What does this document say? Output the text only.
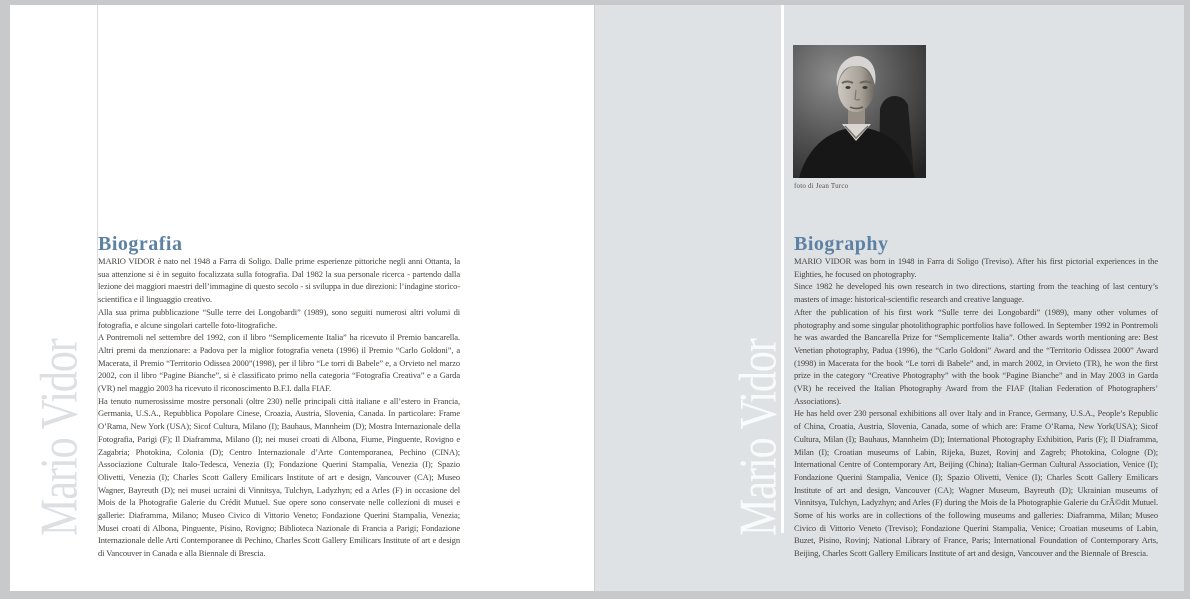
Mario Vidor
Biografia

MARIO VIDOR è nato nel 1948 a Farra di Soligo. Dalle prime esperienze pittoriche negli anni Ottanta, la sua attenzione si è in seguito focalizzata sulla fotografia. Dal 1982 la sua personale ricerca - partendo dalla lezione dei maggiori maestri dell’immagine di questo secolo - si sviluppa in due direzioni: l’indagine storico-scientifica e il linguaggio creativo.

Alla sua prima pubblicazione “Sulle terre dei Longobardi” (1989), sono seguiti numerosi altri volumi di fotografia, e alcune singolari cartelle foto-litografiche.

A Pontremoli nel settembre del 1992, con il libro “Semplicemente Italia” ha ricevuto il Premio bancarella. Altri premi da menzionare: a Padova per la miglior fotografia veneta (1996) il Premio “Carlo Goldoni”, a Macerata, il Premio “Territorio Odissea 2000”(1998), per il libro “Le torri di Babele” e, a Orvieto nel marzo 2002, con il libro “Pagine Bianche”, si è classificato primo nella categoria “Fotografia Creativa” e a Garda (VR) nel maggio 2003 ha ricevuto il riconoscimento B.F.I. dalla FIAF.

Ha tenuto numerosissime mostre personali (oltre 230) nelle principali città italiane e all’estero in Francia, Germania, U.S.A., Repubblica Popolare Cinese, Croazia, Austria, Slovenia, Canada. In particolare: Frame O’Rama, New York (USA); Sicof Cultura, Milano (I); Bauhaus, Mannheim (D); Mostra Internazionale della Fotografia, Parigi (F); Il Diaframma, Milano (I); nei musei croati di Albona, Fiume, Pinguente, Rovigno e Zagabria; Photokina, Colonia (D); Centro Internazionale d’Arte Contemporanea, Pechino (CINA); Associazione Culturale Italo-Tedesca, Venezia (I); Fondazione Querini Stampalia, Venezia (I); Spazio Olivetti, Venezia (I); Charles Scott Gallery Emilicars Institute of art e design, Vancouver (CA); Museo Wagner, Bayreuth (D); nei musei ucraini di Vinnitsya, Tulchyn, Ladyzhyn; ed a Arles (F) in occasione del Mois de la Photografie Galerie du Crédit Mutuel. Sue opere sono conservate nelle collezioni di musei e gallerie: Diaframma, Milano; Museo Civico di Vittorio Veneto; Fondazione Querini Stampalia, Venezia; Musei croati di Albona, Pinguente, Pisino, Rovigno; Biblioteca Nazionale di Francia a Parigi; Fondazione Internazionale delle Arti Contemporanee di Pechino, Charles Scott Gallery Emilicars Institute of art e design di Vancouver in Canada e alla Biennale di Brescia.

Mario Vidor
foto di Jean Turco
Biography

MARIO VIDOR was born in 1948 in Farra di Soligo (Treviso). After his first pictorial experiences in the Eighties, he focused on photography.

Since 1982 he developed his own research in two directions, starting from the teaching of last century’s masters of image: historical-scientific research and creative language.

After the publication of his first work “Sulle terre dei Longobardi” (1989), many other volumes of photography and some singular photolithographic portfolios have followed. In September 1992 in Pontremoli he was awarded the Bancarella Prize for “Semplicemente Italia”. Other awards worth mentioning are: Best Venetian photography, Padua (1996), the “Carlo Goldoni” Award and the “Territorio Odissea 2000” Award (1998) in Macerata for the book “Le torri di Babele” and, in march 2002, in Orvieto (TR), he won the first prize in the category “Creative Photography” with the book “Pagine Bianche” and in May 2003 in Garda (VR) he received the Italian Photography Award from the FIAF (Italian Federation of Photographers’ Associations).

He has held over 230 personal exhibitions all over Italy and in France, Germany, U.S.A., People’s Republic of China, Croatia, Austria, Slovenia, Canada, some of which are: Frame O’Rama, New York(USA); Sicof Cultura, Milan (I); Bauhaus, Mannheim (D); International Photography Exhibition, Paris (F); Il Diaframma, Milan (I); Croatian museums of Labin, Rijeka, Buzet, Rovinj and Zagreb; Photokina, Cologne (D); International Centre of Contemporary Art, Beijing (China); Italian-German Cultural Association, Venice (I); Fondazione Querini Stampalia, Venice (I); Spazio Olivetti, Venice (I); Charles Scott Gallery Emilicars Institute of art and design, Vancouver (CA); Wagner Museum, Bayreuth (D); Ukrainian museums of Vinnitsya, Tulchyn, Ladyzhyn; and Arles (F) during the Mois de la Photographie Galerie du CrÃ©dit Mutuel. Some of his works are in collections of the following museums and galleries: Diaframma, Milan; Museo Civico di Vittorio Veneto (Treviso); Fondazione Querini Stampalia, Venice; Croatian museums of Labin, Buzet, Pisino, Rovinj; National Library of France, Paris; International Foundation of Contemporary Arts, Beijing, Charles Scott Gallery Emilicars Institute of art and design, Vancouver and the Biennale of Brescia.
